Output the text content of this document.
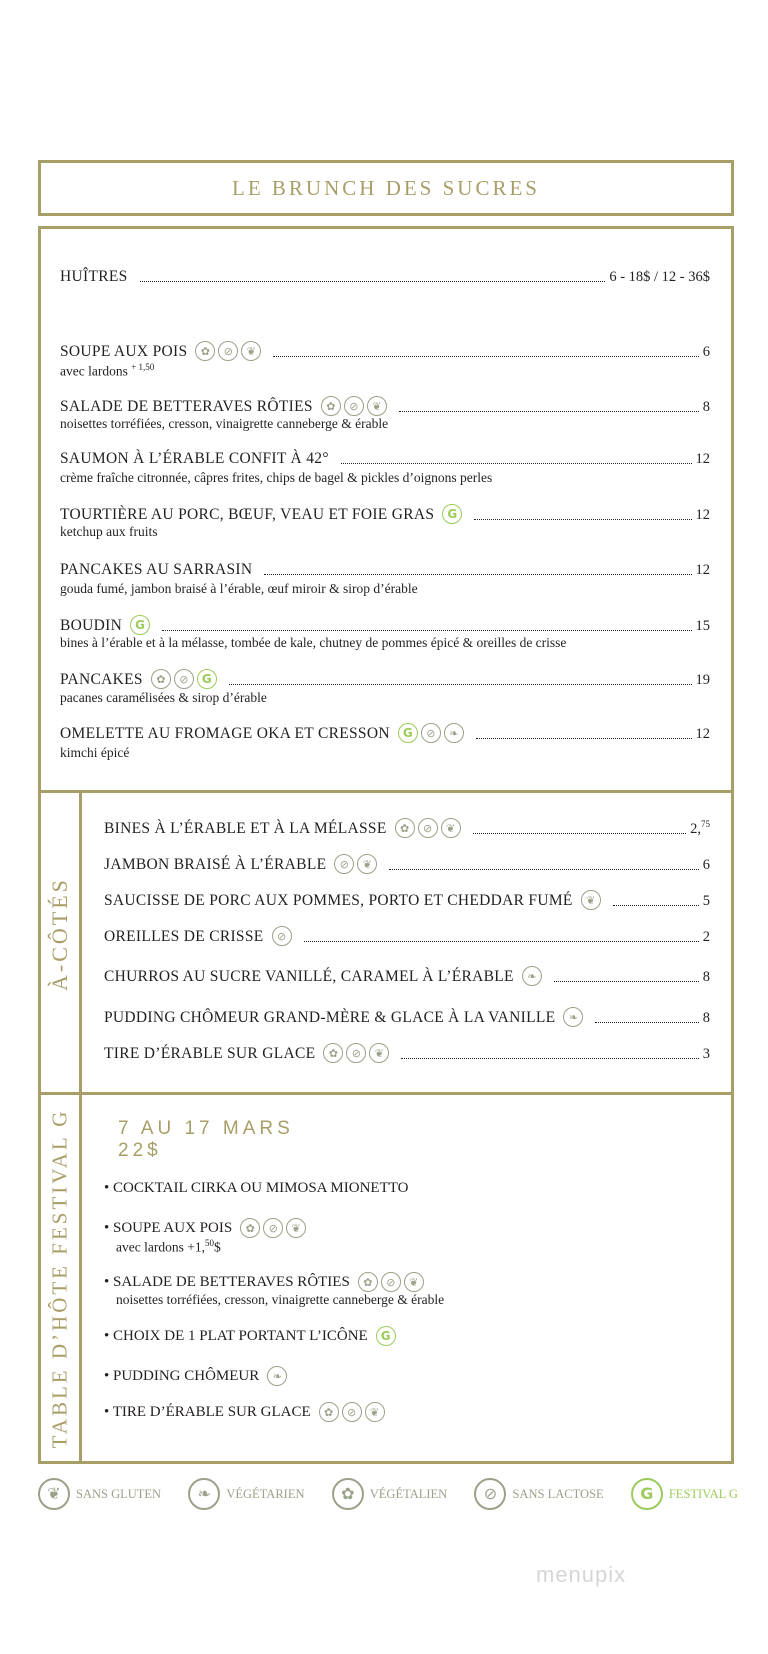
LE BRUNCH DES SUCRES
HUÎTRES	6 - 18$ / 12 - 36$
SOUPE AUX POIS	✿	⊘	❦	6
avec lardons $^{+ 1,50}$
SALADE DE BETTERAVES RÔTIES	✿	⊘	❦	8
noisettes torréfiées, cresson, vinaigrette canneberge & érable
SAUMON À L’ÉRABLE CONFIT À 42°	12
crème fraîche citronnée, câpres frites, chips de bagel & pickles d’oignons perles
TOURTIÈRE AU PORC, BŒUF, VEAU ET FOIE GRAS	G	12
ketchup aux fruits
PANCAKES AU SARRASIN	12
gouda fumé, jambon braisé à l’érable, œuf miroir & sirop d’érable
BOUDIN	G	15
bines à l’érable et à la mélasse, tombée de kale, chutney de pommes épicé & oreilles de crisse
PANCAKES	✿	⊘	G	19
pacanes caramélisées & sirop d’érable
OMELETTE AU FROMAGE OKA ET CRESSON	G	⊘	❧	12
kimchi épicé
À-CÔTÉS
BINES À L’ÉRABLE ET À LA MÉLASSE	✿	⊘	❦	2,75
JAMBON BRAISÉ À L’ÉRABLE	⊘	❦	6
SAUCISSE DE PORC AUX POMMES, PORTO ET CHEDDAR FUMÉ	❦	5
OREILLES DE CRISSE	⊘	2
CHURROS AU SUCRE VANILLÉ, CARAMEL À L’ÉRABLE	❧	8
PUDDING CHÔMEUR GRAND-MÈRE & GLACE À LA VANILLE	❧	8
TIRE D’ÉRABLE SUR GLACE	✿	⊘	❦	3
TABLE D’HÔTE FESTIVAL G 7 AU 17 MARS
22$
• COCKTAIL CIRKA OU MIMOSA MIONETTO
• SOUPE AUX POIS	✿	⊘	❦
avec lardons +1,50$
• SALADE DE BETTERAVES RÔTIES	✿	⊘	❦
noisettes torréfiées, cresson, vinaigrette canneberge & érable
• CHOIX DE 1 PLAT PORTANT L’ICÔNE	G
• PUDDING CHÔMEUR	❧
• TIRE D’ÉRABLE SUR GLACE	✿	⊘	❦
❦	SANS GLUTEN	❧	VÉGÉTARIEN	✿	VÉGÉTALIEN	⊘	SANS LACTOSE	G	FESTIVAL G
menupix
